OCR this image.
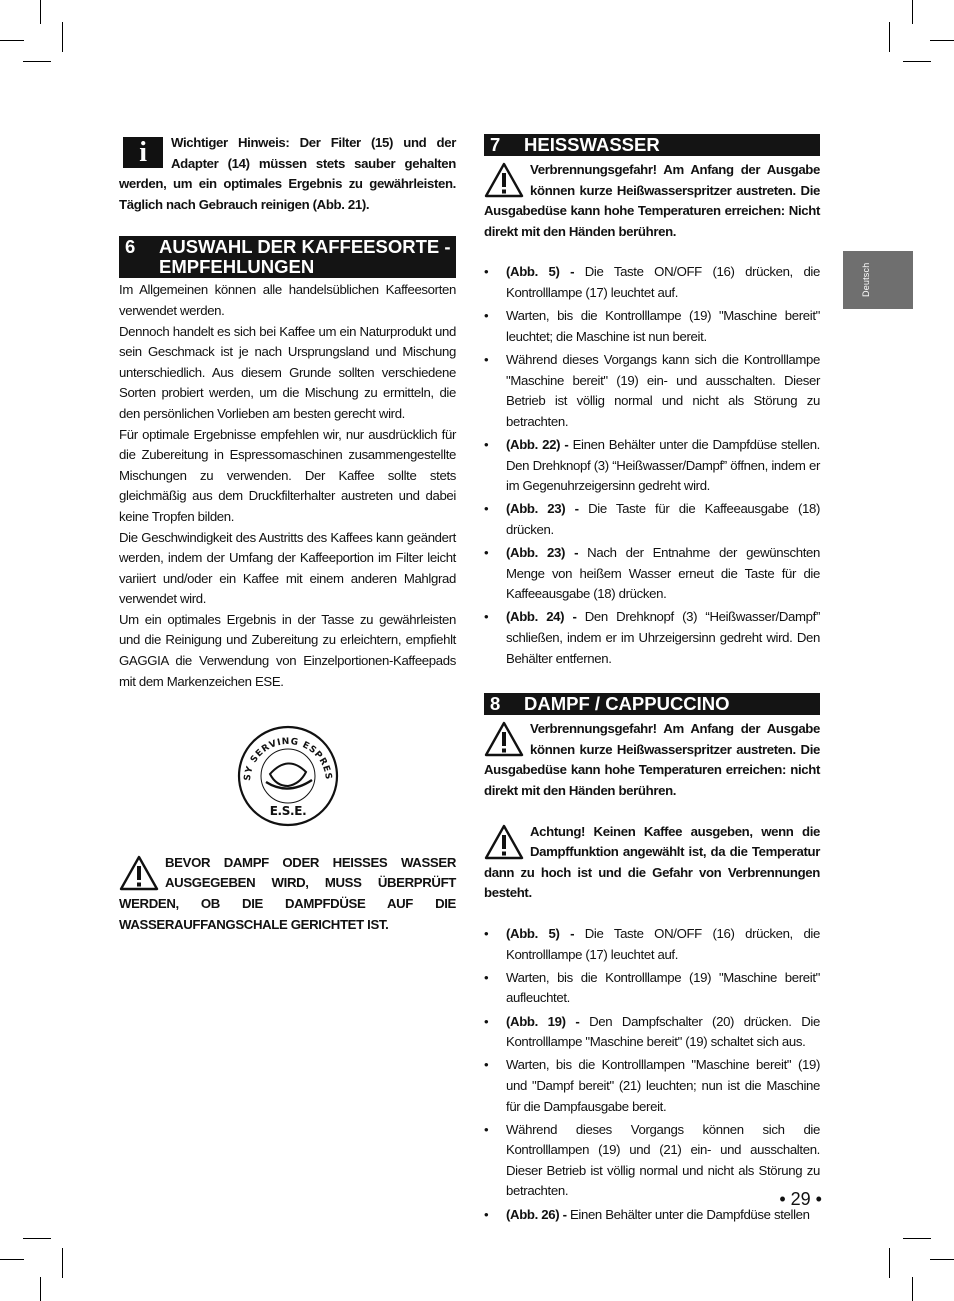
Deutsch
i	Wichtiger Hinweis: Der Filter (15) und der Adapter (14) müssen stets sauber gehalten werden, um ein optimales Ergebnis zu gewährleisten. Täglich nach Gebrauch reinigen (Abb. 21).
6	AUSWAHL DER KAFFEESORTE - EMPFEHLUNGEN

Im Allgemeinen können alle handelsüblichen Kaffeesorten verwendet werden.

Dennoch handelt es sich bei Kaffee um ein Naturprodukt und sein Geschmack ist je nach Ursprungsland und Mischung unterschiedlich. Aus diesem Grunde sollten verschiedene Sorten probiert werden, um die Mischung zu ermitteln, die den persönlichen Vorlieben am besten gerecht wird.

Für optimale Ergebnisse empfehlen wir, nur ausdrücklich für die Zubereitung in Espressomaschinen zusammengestellte Mischungen zu verwenden. Der Kaffee sollte stets gleichmäßig aus dem Druckfilterhalter austreten und dabei keine Tropfen bilden.

Die Geschwindigkeit des Austritts des Kaffees kann geändert werden, indem der Umfang der Kaffeeportion im Filter leicht variiert und/oder ein Kaffee mit einem anderen Mahlgrad verwendet wird.

Um ein optimales Ergebnis in der Tasse zu gewährleisten und die Reinigung und Zubereitung zu erleichtern, empfiehlt GAGGIA die Verwendung von Einzelportionen-Kaffeepads mit dem Markenzeichen ESE.

SY SERVING ESPRES
E.S.E.
BEVOR DAMPF ODER HEISSES WASSER AUSGEGEBEN WIRD, MUSS ÜBERPRÜFT WERDEN, OB DIE DAMPFDÜSE AUF DIE WASSERAUFFANGSCHALE GERICHTET IST.
7	HEISSWASSER
Verbrennungsgefahr! Am Anfang der Ausgabe können kurze Heißwasserspritzer austreten. Die Ausgabedüse kann hohe Temperaturen erreichen: Nicht direkt mit den Händen berühren.
• (Abb. 5) - Die Taste ON/OFF (16) drücken, die Kontrolllampe (17) leuchtet auf.
• Warten, bis die Kontrolllampe (19) "Maschine bereit" leuchtet; die Maschine ist nun bereit.
• Während dieses Vorgangs kann sich die Kontrolllampe "Maschine bereit" (19) ein- und ausschalten. Dieser Betrieb ist völlig normal und nicht als Störung zu betrachten.
• (Abb. 22) - Einen Behälter unter die Dampfdüse stellen. Den Drehknopf (3) “Heißwasser/Dampf” öffnen, indem er im Gegenuhrzeigersinn gedreht wird.
• (Abb. 23) - Die Taste für die Kaffeeausgabe (18) drücken.
• (Abb. 23) - Nach der Entnahme der gewünschten Menge von heißem Wasser erneut die Taste für die Kaffeeausgabe (18) drücken.
• (Abb. 24) - Den Drehknopf (3) “Heißwasser/Dampf” schließen, indem er im Uhrzeigersinn gedreht wird. Den Behälter entfernen.
8	DAMPF / CAPPUCCINO
Verbrennungsgefahr! Am Anfang der Ausgabe können kurze Heißwasserspritzer austreten. Die Ausgabedüse kann hohe Temperaturen erreichen: nicht direkt mit den Händen berühren.
Achtung! Keinen Kaffee ausgeben, wenn die Dampffunktion angewählt ist, da die Temperatur dann zu hoch ist und die Gefahr von Verbrennungen besteht.
• (Abb. 5) - Die Taste ON/OFF (16) drücken, die Kontrolllampe (17) leuchtet auf.
• Warten, bis die Kontrolllampe (19) "Maschine bereit" aufleuchtet.
• (Abb. 19) - Den Dampfschalter (20) drücken. Die Kontrolllampe "Maschine bereit" (19) schaltet sich aus.
• Warten, bis die Kontrolllampen "Maschine bereit" (19) und "Dampf bereit" (21) leuchten; nun ist die Maschine für die Dampfausgabe bereit.
• Während dieses Vorgangs können sich die Kontrolllampen (19) und (21) ein- und ausschalten. Dieser Betrieb ist völlig normal und nicht als Störung zu betrachten.
• (Abb. 26) - Einen Behälter unter die Dampfdüse stellen
• 29 •
